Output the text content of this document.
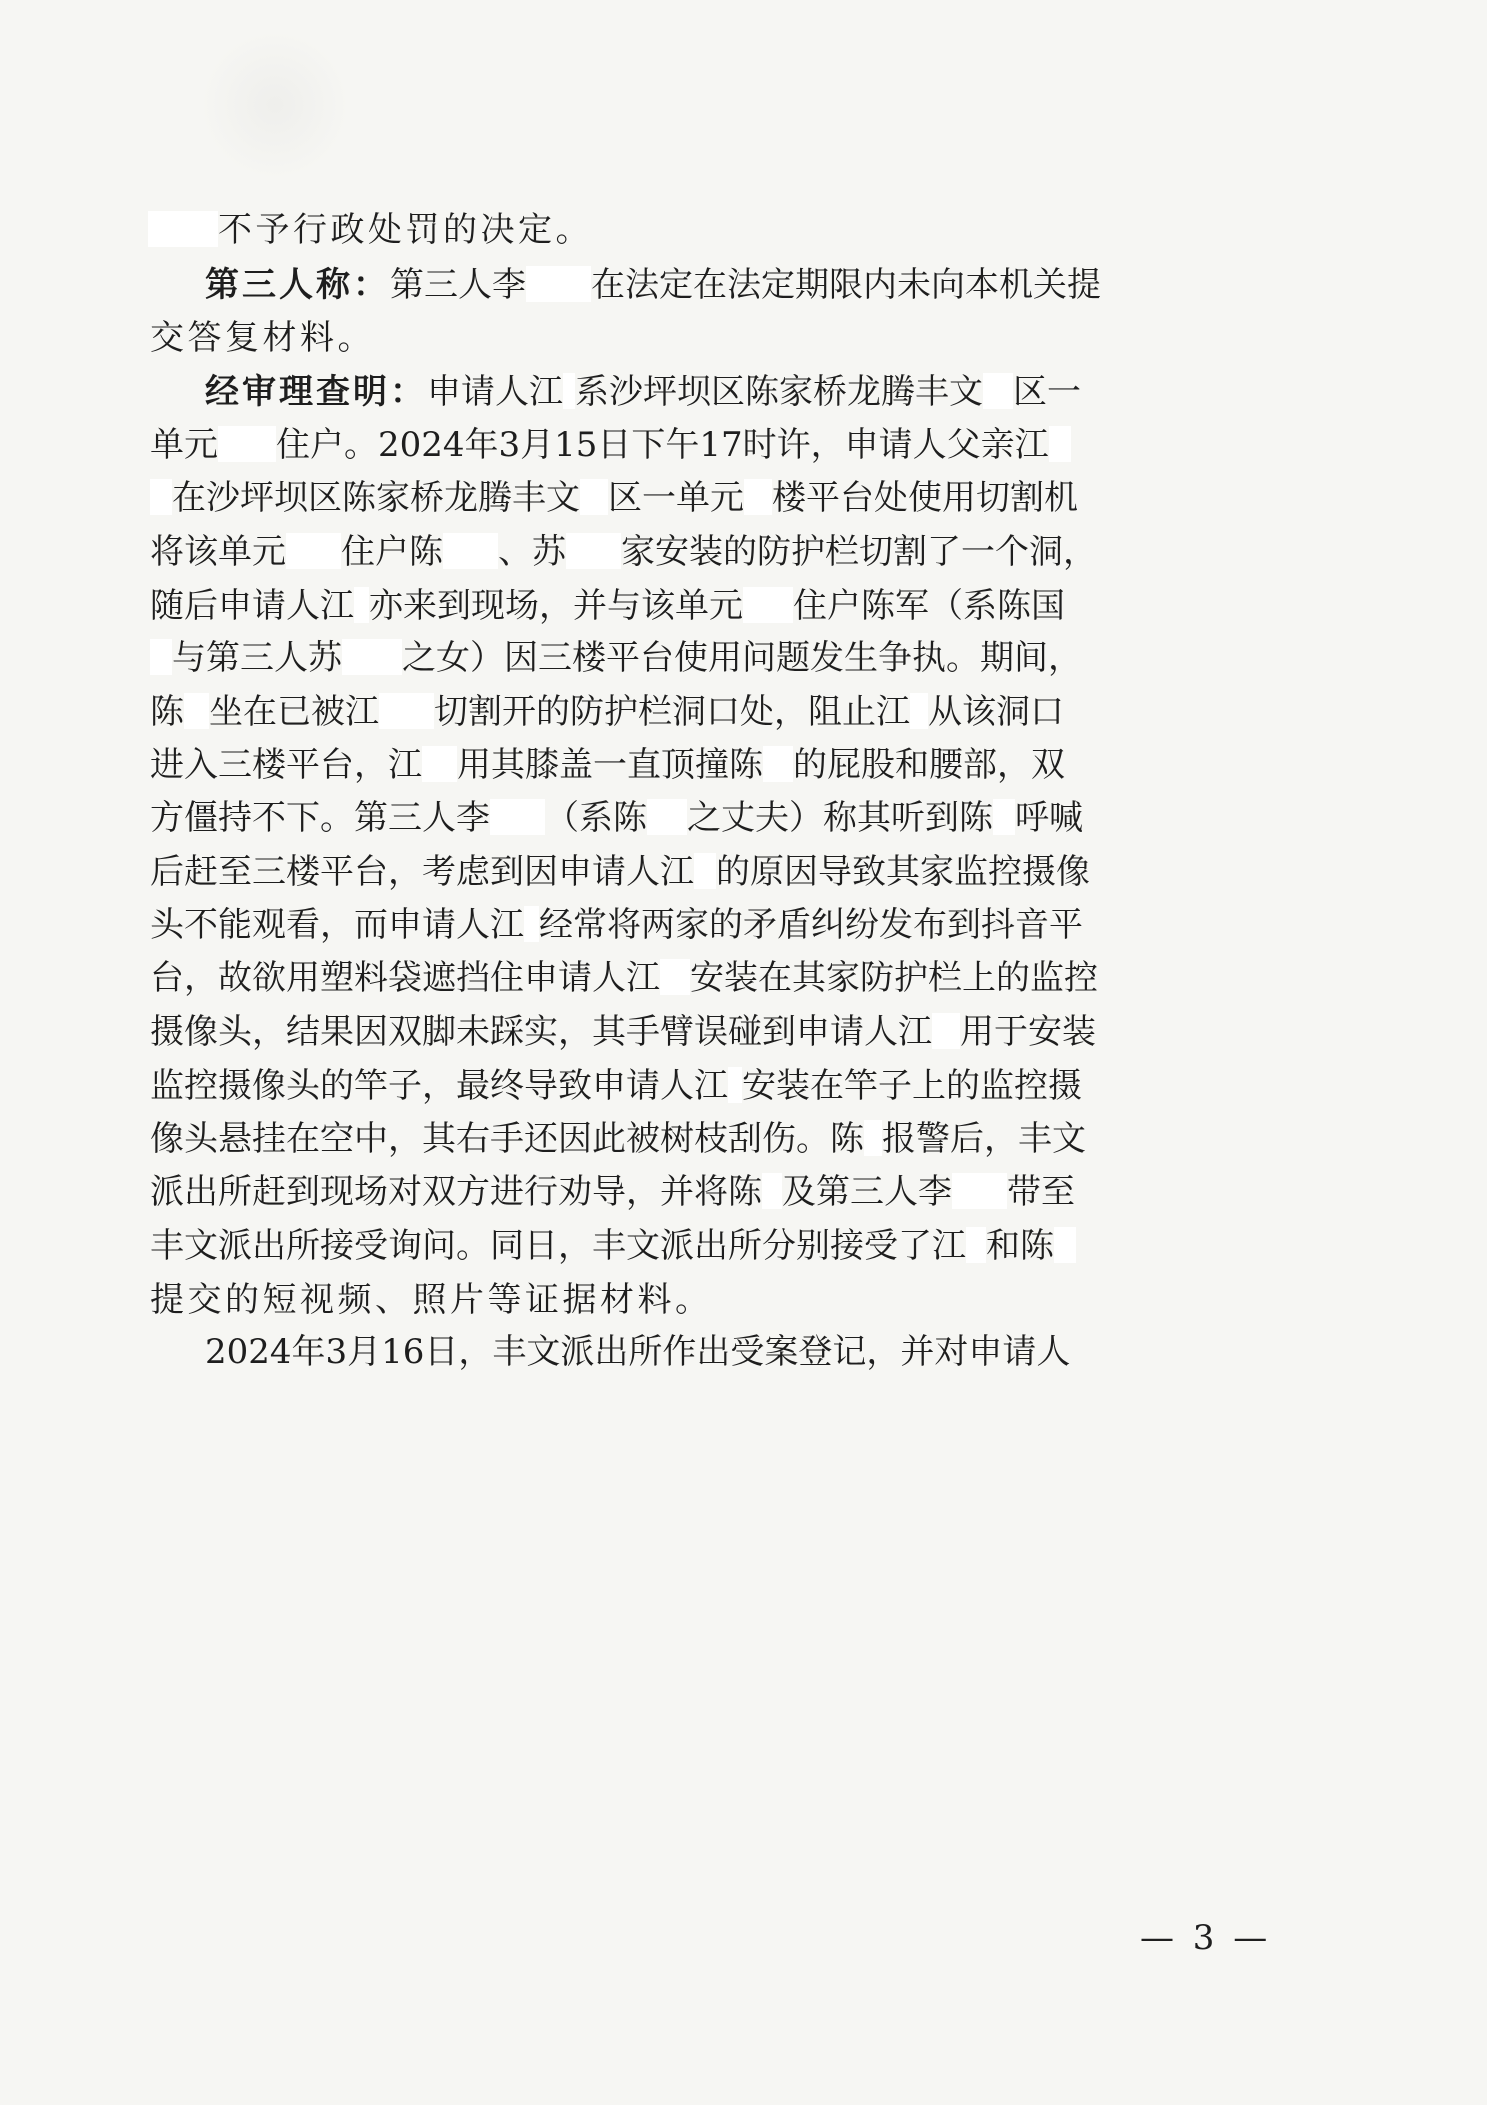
不予行政处罚的决定。
第三人称：第三人李 在法定在法定期限内未向本机关提
交答复材料。
经审理查明：申请人江 系沙坪坝区陈家桥龙腾丰文 区一
单元 住户。2024年3月15日下午17时许，申请人父亲江
在沙坪坝区陈家桥龙腾丰文 区一单元 楼平台处使用切割机
将该单元 住户陈 、苏 家安装的防护栏切割了一个洞，
随后申请人江 亦来到现场，并与该单元 住户陈军（系陈国
与第三人苏 之女）因三楼平台使用问题发生争执。期间，
陈 坐在已被江 切割开的防护栏洞口处，阻止江 从该洞口
进入三楼平台，江 用其膝盖一直顶撞陈 的屁股和腰部，双
方僵持不下。第三人李 （系陈 之丈夫）称其听到陈 呼喊
后赶至三楼平台，考虑到因申请人江 的原因导致其家监控摄像
头不能观看，而申请人江 经常将两家的矛盾纠纷发布到抖音平
台，故欲用塑料袋遮挡住申请人江 安装在其家防护栏上的监控
摄像头，结果因双脚未踩实，其手臂误碰到申请人江 用于安装
监控摄像头的竿子，最终导致申请人江 安装在竿子上的监控摄
像头悬挂在空中，其右手还因此被树枝刮伤。陈 报警后，丰文
派出所赶到现场对双方进行劝导，并将陈 及第三人李 带至
丰文派出所接受询问。同日，丰文派出所分别接受了江 和陈
提交的短视频、照片等证据材料。
2024年3月16日，丰文派出所作出受案登记，并对申请人
— 3 —
